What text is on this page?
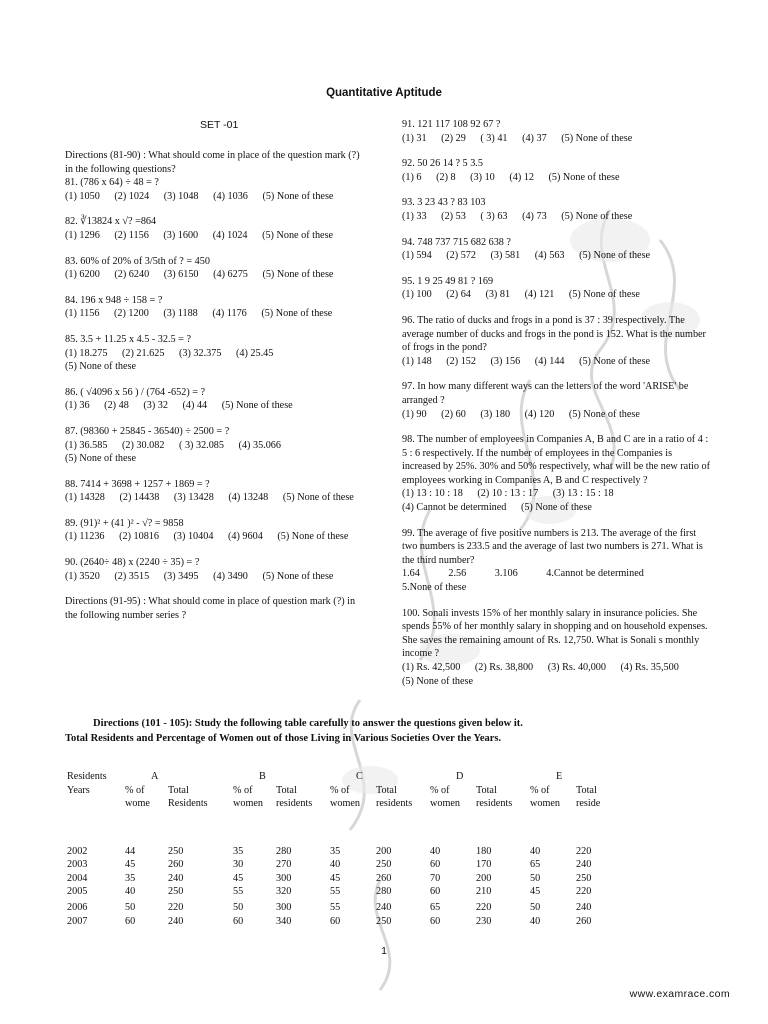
Quantitative Aptitude
SET -01

Directions (81-90) : What should come in place of the question mark (?) in the following questions?

81. (786 x 64) ÷ 48 = ?

(1) 1050 (2) 1024 (3) 1048 (4) 1036 (5) None of these

82. ∛13824 x √? =864

(1) 1296 (2) 1156 (3) 1600 (4) 1024 (5) None of these

83. 60% of 20% of 3/5th of ? = 450

(1) 6200 (2) 6240 (3) 6150 (4) 6275 (5) None of these

84. 196 x 948 ÷ 158 = ?

(1) 1156 (2) 1200 (3) 1188 (4) 1176 (5) None of these

85. 3.5 + 11.25 x 4.5 - 32.5 = ?

(1) 18.275 (2) 21.625 (3) 32.375 (4) 25.45 (5) None of these

86. ( √4096 x 56 ) / (764 -652) = ?

(1) 36 (2) 48 (3) 32 (4) 44 (5) None of these

87. (98360 + 25845 - 36540) ÷ 2500 = ?

(1) 36.585 (2) 30.082 ( 3) 32.085 (4) 35.066 (5) None of these

88. 7414 + 3698 + 1257 + 1869 = ?

(1) 14328 (2) 14438 (3) 13428 (4) 13248 (5) None of these

89. (91)² + (41 )² - √? = 9858

(1) 11236 (2) 10816 (3) 10404 (4) 9604 (5) None of these

90. (2640÷ 48) x (2240 ÷ 35) = ?

(1) 3520 (2) 3515 (3) 3495 (4) 3490 (5) None of these

Directions (91-95) : What should come in place of question mark (?) in the following number series ?

91. 121 117 108 92 67 ?

(1) 31 (2) 29 ( 3) 41 (4) 37 (5) None of these

92. 50 26 14 ? 5 3.5

(1) 6 (2) 8 (3) 10 (4) 12 (5) None of these

93. 3 23 43 ? 83 103

(1) 33 (2) 53 ( 3) 63 (4) 73 (5) None of these

94. 748 737 715 682 638 ?

(1) 594 (2) 572 (3) 581 (4) 563 (5) None of these

95. 1 9 25 49 81 ? 169

(1) 100 (2) 64 (3) 81 (4) 121 (5) None of these

96. The ratio of ducks and frogs in a pond is 37 : 39 respectively. The average number of ducks and frogs in the pond is 152. What is the number of frogs in the pond?

(1) 148 (2) 152 (3) 156 (4) 144 (5) None of these

97. In how many different ways can the letters of the word 'ARISE' be arranged ?

(1) 90 (2) 60 (3) 180 (4) 120 (5) None of these

98. The number of employees in Companies A, B and C are in a ratio of 4 : 5 : 6 respectively. If the number of employees in the Companies is increased by 25%. 30% and 50% respectively, what will be the new ratio of employees working in Companies A, B and C respectively ?

(1) 13 : 10 : 18 (2) 10 : 13 : 17 (3) 13 : 15 : 18 (4) Cannot be determined (5) None of these

99. The average of five positive numbers is 213. The average of the first two numbers is 233.5 and the average of last two numbers is 271. What is the third number?

1.64	2.56	3.106	4.Cannot be determined 5.None of these

100. Sonali invests 15% of her monthly salary in insurance policies. She spends 55% of her monthly salary in shopping and on household expenses. She saves the remaining amount of Rs. 12,750. What is Sonali s monthly income ?

(1) Rs. 42,500 (2) Rs. 38,800 (3) Rs. 40,000 (4) Rs. 35,500 (5) None of these

Directions (101 - 105): Study the following table carefully to answer the questions given below it.

Total Residents and Percentage of Women out of those Living in Various Societies Over the Years.

Residents	A		B		C		D		E	
Years	% of wome	Total Residents	% of women	Total residents	% of women	Total residents	% of women	Total residents	% of women	Total reside

2002	44	250	35	280	35	200	40	180	40	220
2003	45	260	30	270	40	250	60	170	65	240
2004	35	240	45	300	45	260	70	200	50	250
2005	40	250	55	320	55	280	60	210	45	220
2006	50	220	50	300	55	240	65	220	50	240
2007	60	240	60	340	60	250	60	230	40	260
1
www.examrace.com
